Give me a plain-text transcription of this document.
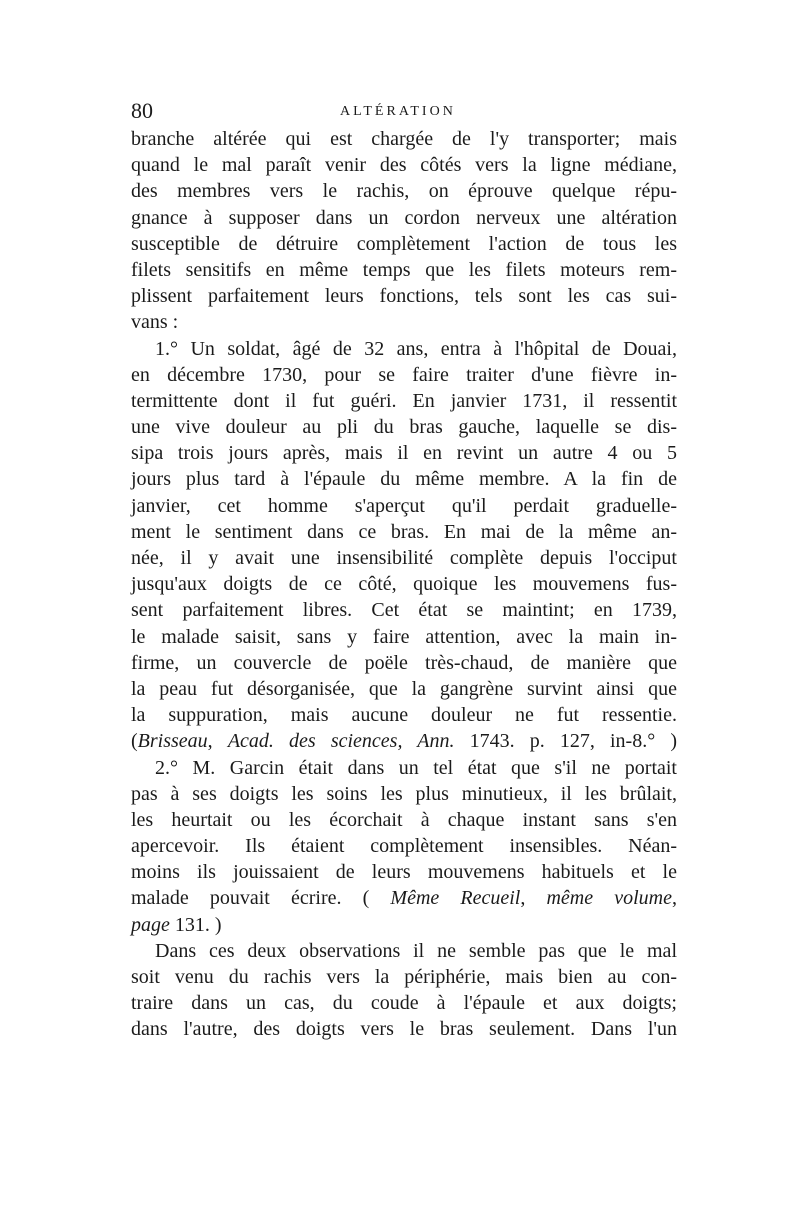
80	ALTÉRATION
branche altérée qui est chargée de l'y transporter; mais
quand le mal paraît venir des côtés vers la ligne médiane,
des membres vers le rachis, on éprouve quelque répu-
gnance à supposer dans un cordon nerveux une altération
susceptible de détruire complètement l'action de tous les
filets sensitifs en même temps que les filets moteurs rem-
plissent parfaitement leurs fonctions, tels sont les cas sui-
vans :
1.° Un soldat, âgé de 32 ans, entra à l'hôpital de Douai,
en décembre 1730, pour se faire traiter d'une fièvre in-
termittente dont il fut guéri. En janvier 1731, il ressentit
une vive douleur au pli du bras gauche, laquelle se dis-
sipa trois jours après, mais il en revint un autre 4 ou 5
jours plus tard à l'épaule du même membre. A la fin de
janvier, cet homme s'aperçut qu'il perdait graduelle-
ment le sentiment dans ce bras. En mai de la même an-
née, il y avait une insensibilité complète depuis l'occiput
jusqu'aux doigts de ce côté, quoique les mouvemens fus-
sent parfaitement libres. Cet état se maintint; en 1739,
le malade saisit, sans y faire attention, avec la main in-
firme, un couvercle de poële très-chaud, de manière que
la peau fut désorganisée, que la gangrène survint ainsi que
la suppuration, mais aucune douleur ne fut ressentie.
(Brisseau, Acad. des sciences, Ann. 1743. p. 127, in-8.° )
2.° M. Garcin était dans un tel état que s'il ne portait
pas à ses doigts les soins les plus minutieux, il les brûlait,
les heurtait ou les écorchait à chaque instant sans s'en
apercevoir. Ils étaient complètement insensibles. Néan-
moins ils jouissaient de leurs mouvemens habituels et le
malade pouvait écrire. ( Même Recueil, même volume,
page 131. )
Dans ces deux observations il ne semble pas que le mal
soit venu du rachis vers la périphérie, mais bien au con-
traire dans un cas, du coude à l'épaule et aux doigts;
dans l'autre, des doigts vers le bras seulement. Dans l'un
